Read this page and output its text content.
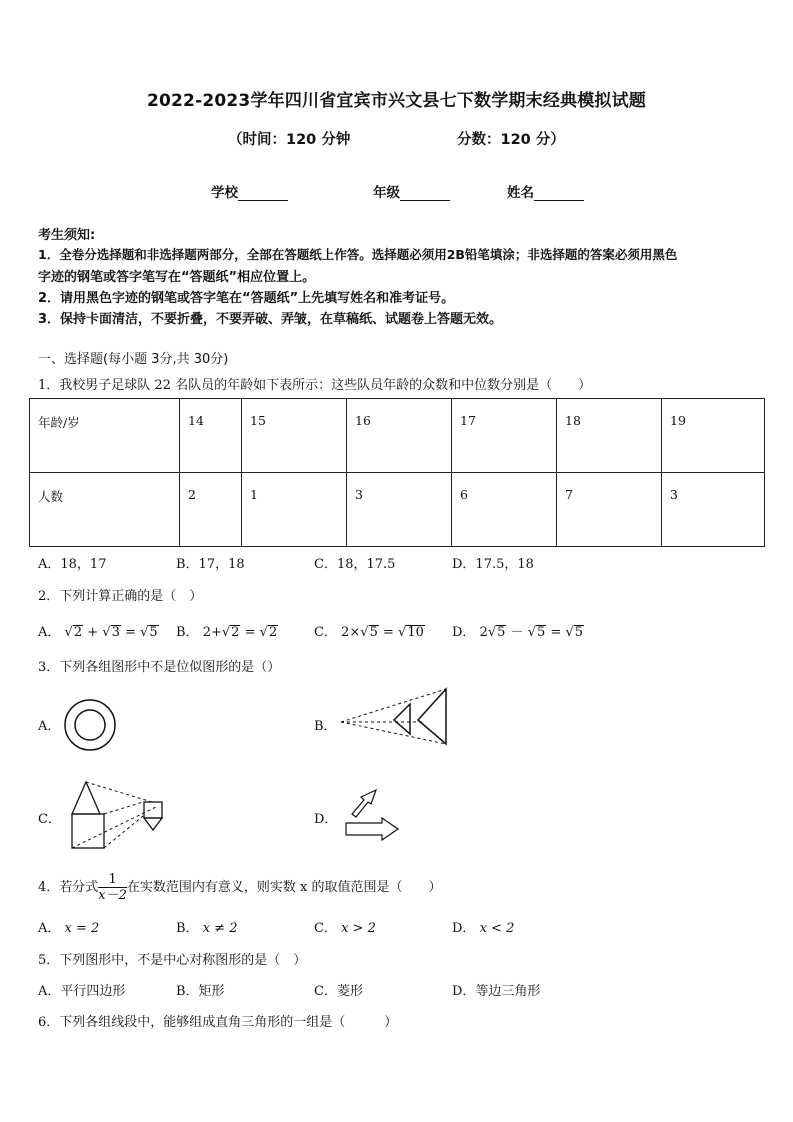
2022-2023学年四川省宜宾市兴文县七下数学期末经典模拟试题
（时间：120 分钟	分数：120 分）
学校	年级	姓名
考生须知:
1．全卷分选择题和非选择题两部分，全部在答题纸上作答。选择题必须用2B铅笔填涂；非选择题的答案必须用黑色
字迹的钢笔或答字笔写在“答题纸”相应位置上。
2．请用黑色字迹的钢笔或答字笔在“答题纸”上先填写姓名和准考证号。
3．保持卡面清洁，不要折叠，不要弄破、弄皱，在草稿纸、试题卷上答题无效。
一、选择题(每小题 3分,共 30分)
1．我校男子足球队 22 名队员的年龄如下表所示：这些队员年龄的众数和中位数分别是（　　）
年龄/岁	14	15	16	17	18	19
人数	2	1	3	6	7	3
A．18，17	B．17，18	C．18，17.5	D．17.5，18
2．下列计算正确的是（　）
A． √2 + √3 = √5 B． 2+√2 = √2	C． 2×√5 = √10 D． 2√5 － √5 = √5
3．下列各组图形中不是位似图形的是（）
A．	B．
C．	D．
4．若分式 $\frac{1}{x-2}$ 在实数范围内有意义，则实数 x 的取值范围是（　　）
A． x = 2	B． x ≠ 2	C． x > 2	D． x < 2
5．下列图形中，不是中心对称图形的是（　）
A．平行四边形	B．矩形	C．菱形	D．等边三角形
6．下列各组线段中，能够组成直角三角形的一组是（　　　）
